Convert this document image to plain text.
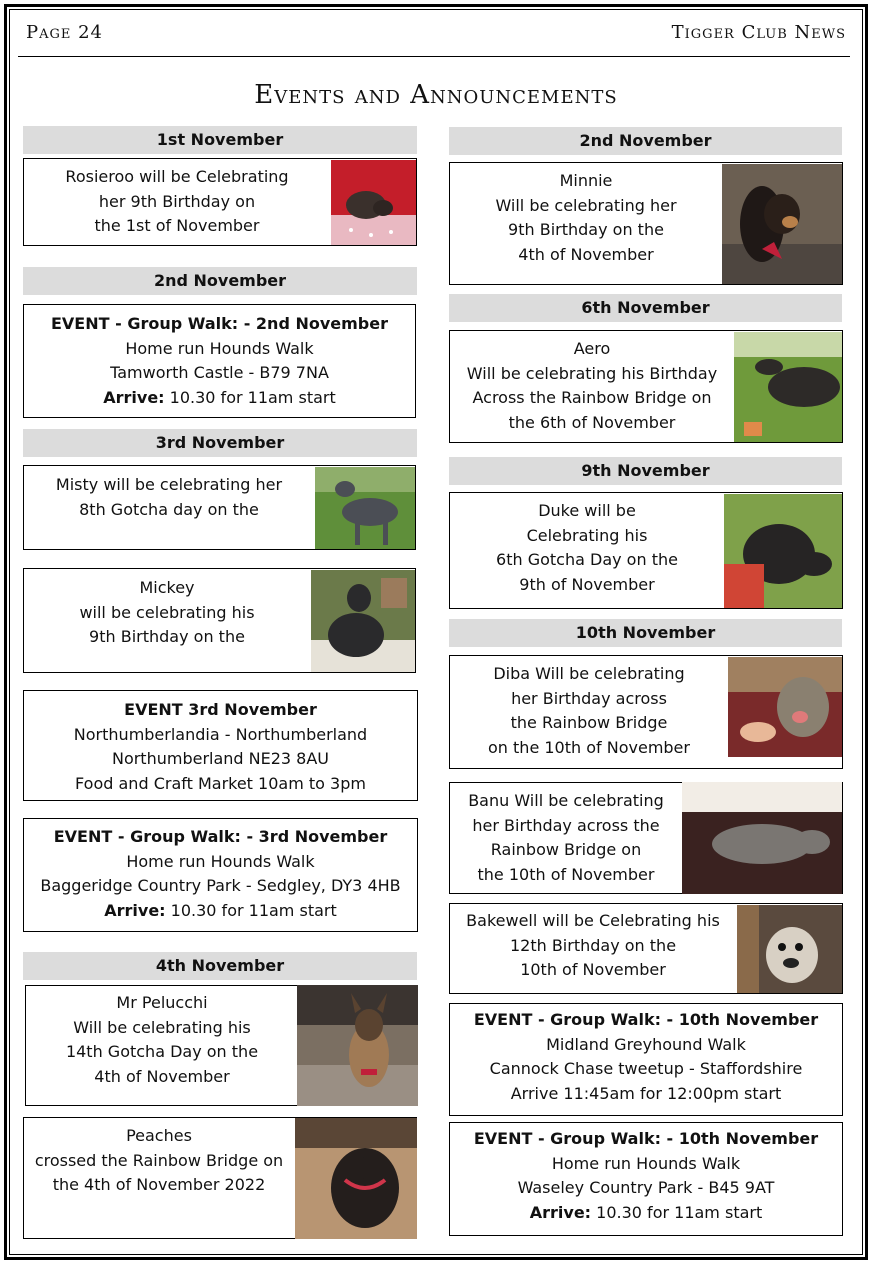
Page 24	Tigger Club News
Events and Announcements
1st November
Rosieroo will be Celebrating
her 9th Birthday on
the 1st of November
2nd November
EVENT - Group Walk: - 2nd November
Home run Hounds Walk
Tamworth Castle - B79 7NA
Arrive: 10.30 for 11am start
3rd November
Misty will be celebrating her
8th Gotcha day on the
Mickey
will be celebrating his
9th Birthday on the
EVENT 3rd November
Northumberlandia - Northumberland
Northumberland NE23 8AU
Food and Craft Market 10am to 3pm
EVENT - Group Walk: - 3rd November
Home run Hounds Walk
Baggeridge Country Park - Sedgley, DY3 4HB
Arrive: 10.30 for 11am start
4th November
Mr Pelucchi
Will be celebrating his
14th Gotcha Day on the
4th of November
Peaches
crossed the Rainbow Bridge on
the 4th of November 2022
2nd November
Minnie
Will be celebrating her
9th Birthday on the
4th of November
6th November
Aero
Will be celebrating his Birthday
Across the Rainbow Bridge on
the 6th of November
9th November
Duke will be
Celebrating his
6th Gotcha Day on the
9th of November
10th November
Diba Will be celebrating
her Birthday across
the Rainbow Bridge
on the 10th of November
Banu Will be celebrating
her Birthday across the
Rainbow Bridge on
the 10th of November
Bakewell will be Celebrating his
12th Birthday on the
10th of November
EVENT - Group Walk: - 10th November
Midland Greyhound Walk
Cannock Chase tweetup - Staffordshire
Arrive 11:45am for 12:00pm start
EVENT - Group Walk: - 10th November
Home run Hounds Walk
Waseley Country Park - B45 9AT
Arrive: 10.30 for 11am start
